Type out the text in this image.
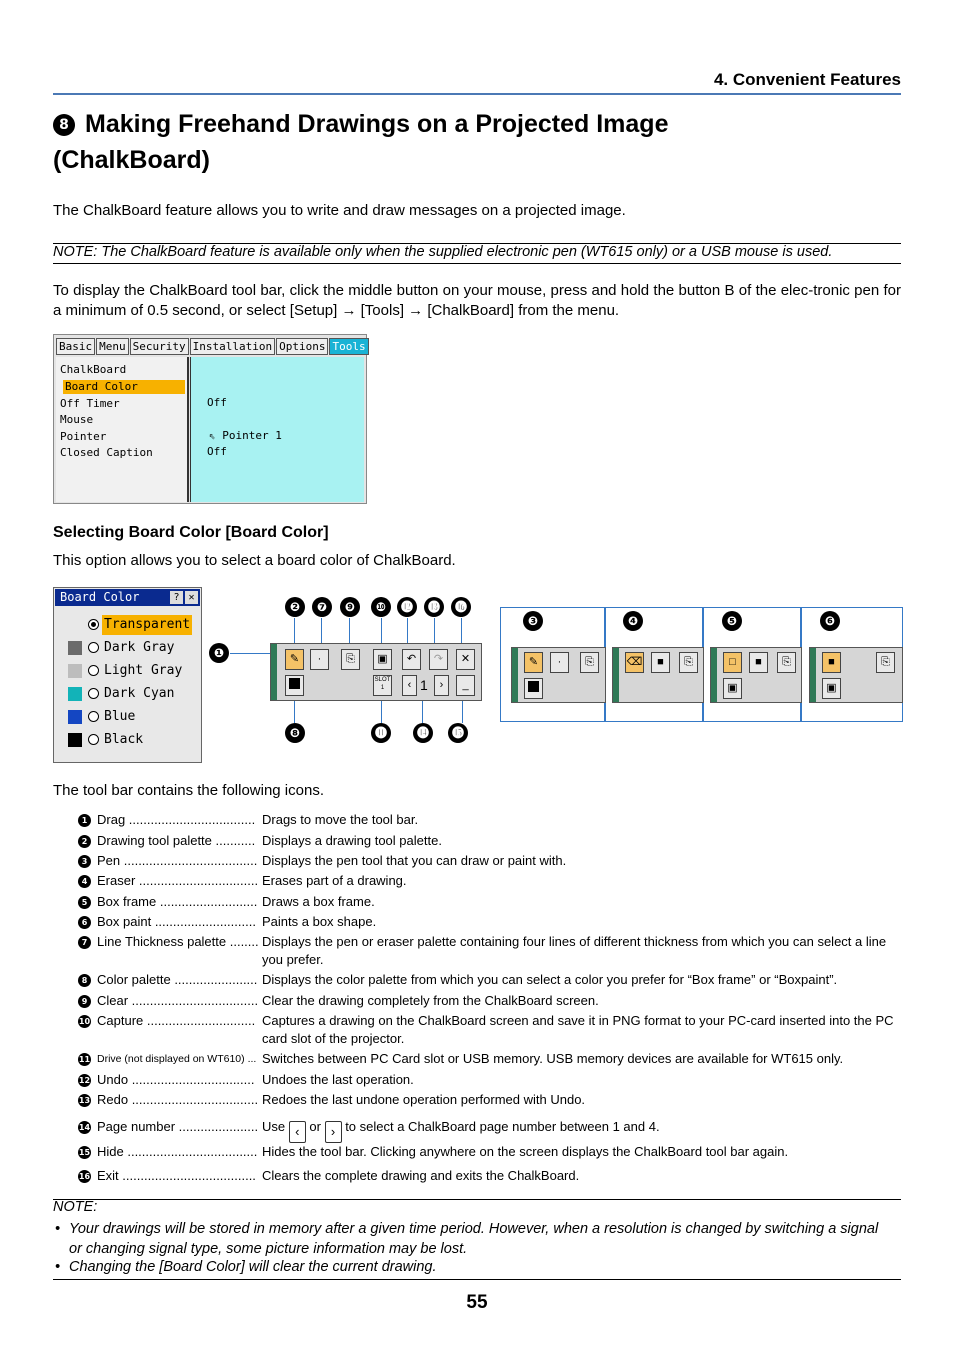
4. Convenient Features
8 Making Freehand Drawings on a Projected Image
(ChalkBoard)
The ChalkBoard feature allows you to write and draw messages on a projected image.
NOTE: The ChalkBoard feature is available only when the supplied electronic pen (WT615 only) or a USB mouse is used.
To display the ChalkBoard tool bar, click the middle button on your mouse, press and hold the button B of the elec-tronic pen for a minimum of 0.5 second, or select [Setup] → [Tools] → [ChalkBoard] from the menu.
Basic Menu Security Installation Options Tools
ChalkBoard
Board Color
Off Timer
Mouse
Pointer
Closed Caption
Off
⇖ Pointer 1
Off
Selecting Board Color [Board Color]
This option allows you to select a board color of ChalkBoard.
Board Color	? ✕
Transparent
Dark Gray
Light Gray
Dark Cyan
Blue
Black
❷	❼	❾	❿	⓬	⓭	⓰
❶
❽	⓫	⓮	⓯
✎	·	⎘	▣	↶	↷	✕
SLOT 1	‹ 1	›	_
❸	❹	❺	❻
✎	·	⎘	⌫	■	⎘	□	■	⎘
▣
■	⎘
▣
The tool bar contains the following icons.
1 Drag ................................... Drags to move the tool bar.
2 Drawing tool palette ........... Displays a drawing tool palette.
3 Pen ..................................... Displays the pen tool that you can draw or paint with.
4 Eraser ................................. Erases part of a drawing.
5 Box frame ........................... Draws a box frame.
6 Box paint ............................ Paints a box shape.
7 Line Thickness palette ........ Displays the pen or eraser palette containing four lines of different thickness from which you can select a line you prefer.
8 Color palette ....................... Displays the color palette from which you can select a color you prefer for “Box frame” or “Boxpaint”.
9 Clear ................................... Clear the drawing completely from the ChalkBoard screen.
10 Capture .............................. Captures a drawing on the ChalkBoard screen and save it in PNG format to your PC-card inserted into the PC card slot of the projector.
11 Drive (not displayed on WT610) ... Switches between PC Card slot or USB memory. USB memory devices are available for WT615 only.
12 Undo .................................. Undoes the last operation.
13 Redo ................................... Redoes the last undone operation performed with Undo.
14 Page number ...................... Use ‹ or › to select a ChalkBoard page number between 1 and 4.
15 Hide .................................... Hides the tool bar. Clicking anywhere on the screen displays the ChalkBoard tool bar again.
16 Exit ..................................... Clears the complete drawing and exits the ChalkBoard.
NOTE:
• Your drawings will be stored in memory after a given time period. However, when a resolution is changed by switching a signal
or changing signal type, some picture information may be lost.
• Changing the [Board Color] will clear the current drawing.
55
